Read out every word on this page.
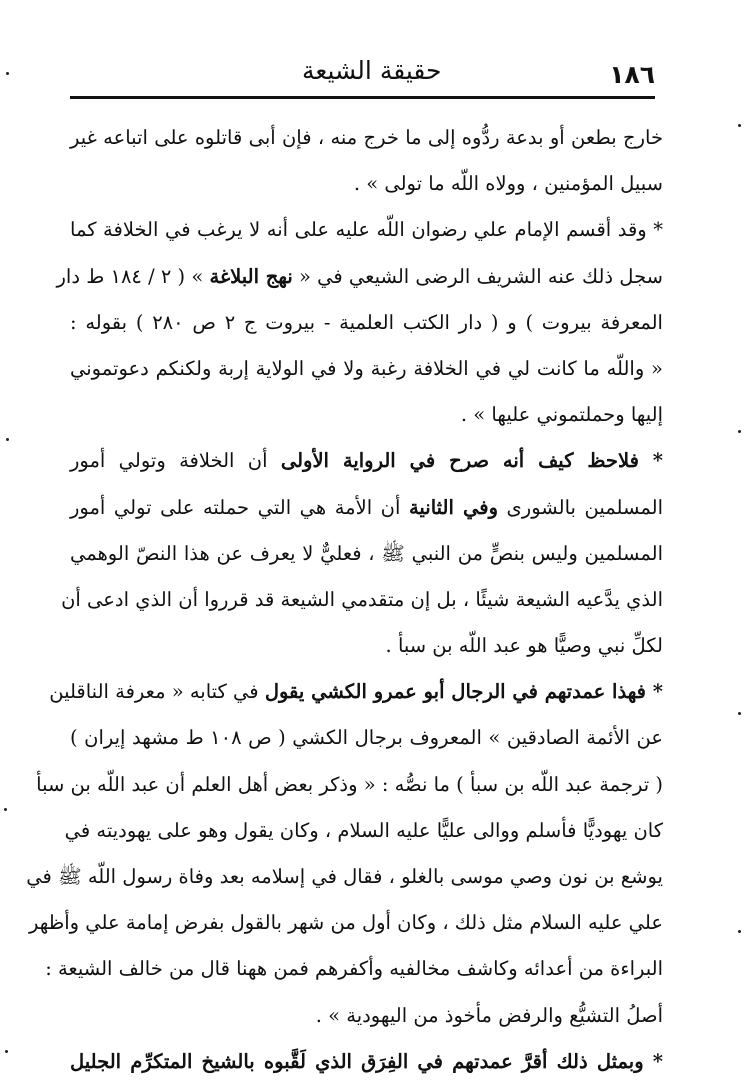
١٨٦
حقيقة الشيعة
خارج بطعن أو بدعة ردُّوه إلى ما خرج منه ، فإن أبى قاتلوه على اتباعه غير
سبيل المؤمنين ، وولاه اللّه ما تولى » .
* وقد أقسم الإمام علي رضوان اللّه عليه على أنه لا يرغب في الخلافة كما
سجل ذلك عنه الشريف الرضى الشيعي في « نهج البلاغة » ( ٢ / ١٨٤ ط دار
المعرفة بيروت ) و ( دار الكتب العلمية - بيروت ج ٢ ص ٢٨٠ ) بقوله :
« واللّه ما كانت لي في الخلافة رغبة ولا في الولاية إربة ولكنكم دعوتموني
إليها وحملتموني عليها » .
* فلاحظ كيف أنه صرح في الرواية الأولى أن الخلافة وتولي أمور
المسلمين بالشورى وفي الثانية أن الأمة هي التي حملته على تولي أمور
المسلمين وليس بنصٍّ من النبي ﷺ ، فعليٌّ لا يعرف عن هذا النصّ الوهمي
الذي يدَّعيه الشيعة شيئًا ، بل إن متقدمي الشيعة قد قرروا أن الذي ادعى أن
لكلِّ نبي وصيًّا هو عبد اللّه بن سبأ .
* فهذا عمدتهم في الرجال أبو عمرو الكشي يقول في كتابه « معرفة الناقلين
عن الأئمة الصادقين » المعروف برجال الكشي ( ص ١٠٨ ط مشهد إيران )
( ترجمة عبد اللّه بن سبأ ) ما نصُّه : « وذكر بعض أهل العلم أن عبد اللّه بن سبأ
كان يهوديًّا فأسلم ووالى عليًّا عليه السلام ، وكان يقول وهو على يهوديته في
يوشع بن نون وصي موسى بالغلو ، فقال في إسلامه بعد وفاة رسول اللّه ﷺ في
علي عليه السلام مثل ذلك ، وكان أول من شهر بالقول بفرض إمامة علي وأظهر
البراءة من أعدائه وكاشف مخالفيه وأكفرهم فمن ههنا قال من خالف الشيعة :
أصلُ التشيُّع والرفض مأخوذ من اليهودية » .
* وبمثل ذلك أقرَّ عمدتهم في الفِرَق الذي لَقَّبوه بالشيخ المتكرِّم الجليل
